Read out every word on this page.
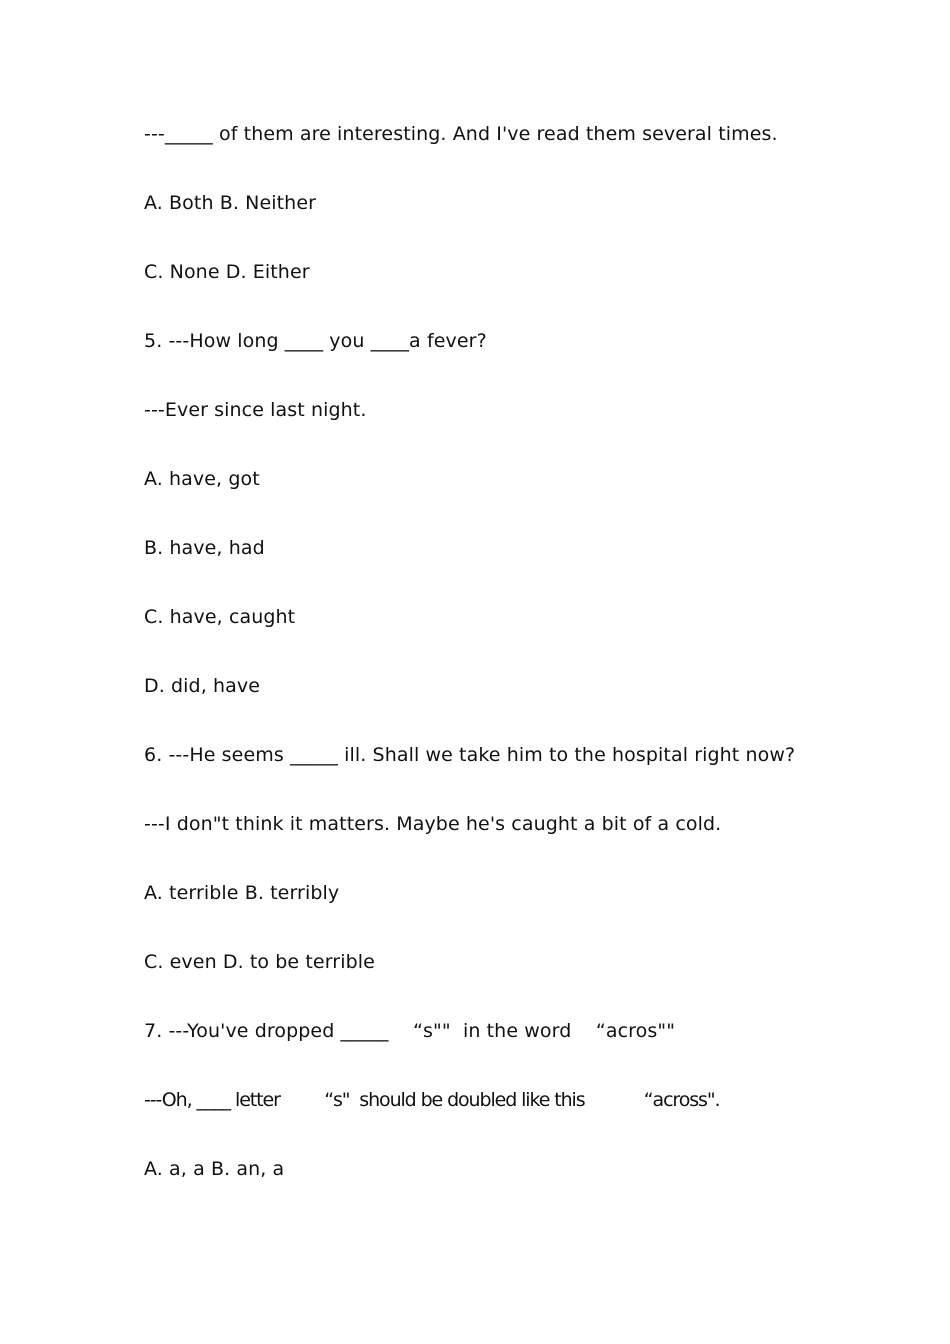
---_____ of them are interesting. And I've read them several times.
A. Both B. Neither
C. None D. Either
5. ---How long ____ you ____a fever?
---Ever since last night.
A. have, got
B. have, had
C. have, caught
D. did, have
6. ---He seems _____ ill. Shall we take him to the hospital right now?
---I don"t think it matters. Maybe he's caught a bit of a cold.
A. terrible B. terribly
C. even D. to be terrible
7. ---You've dropped _____    “s""  in the word    “acros""
---Oh, ____ letter         “s"  should be doubled like this            “across".
A. a, a B. an, a
